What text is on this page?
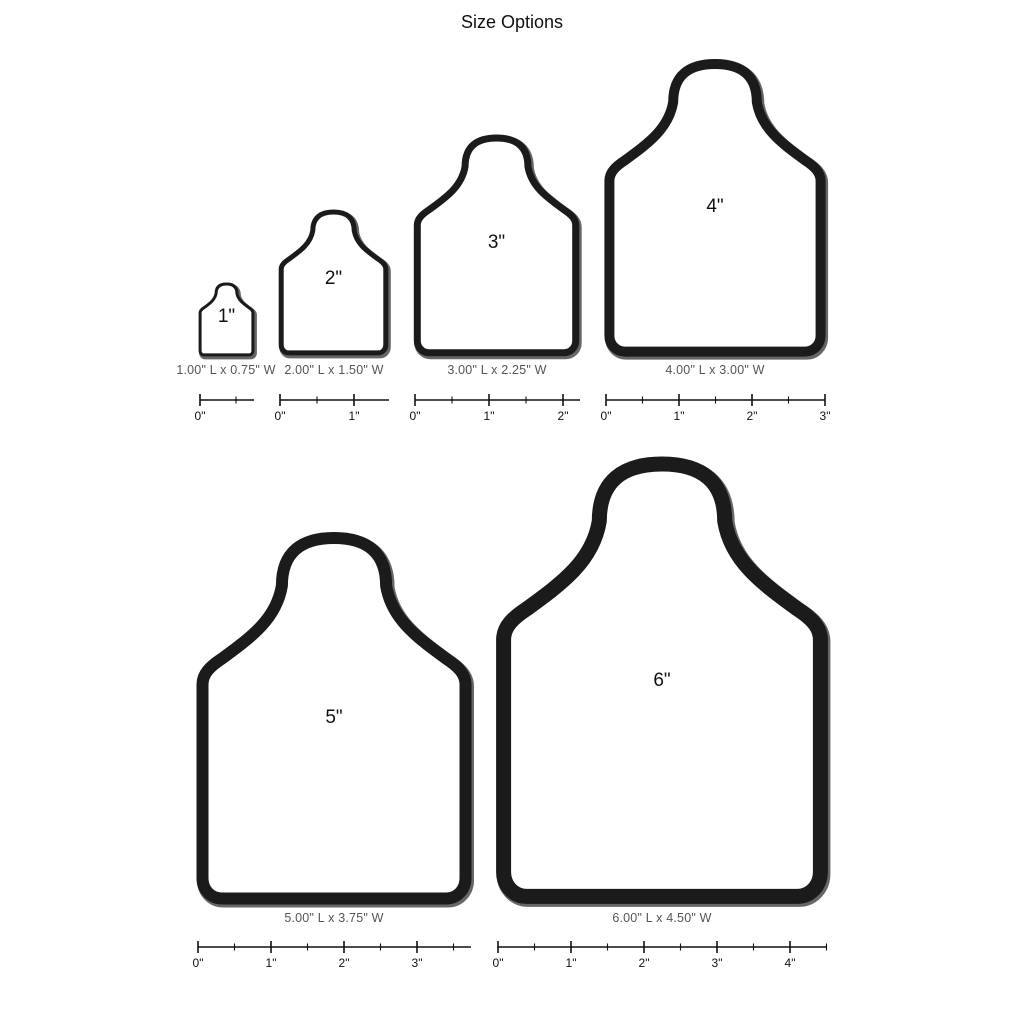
Size Options
1"
1.00" L x 0.75" W
0"
2"
2.00" L x 1.50" W
0"	1"
3"
3.00" L x 2.25" W
0"	1"	2"
4"
4.00" L x 3.00" W
0"	1"	2"	3"
5"
5.00" L x 3.75" W
0"	1"	2"	3"
6"
6.00" L x 4.50" W
0"	1"	2"	3"	4"
